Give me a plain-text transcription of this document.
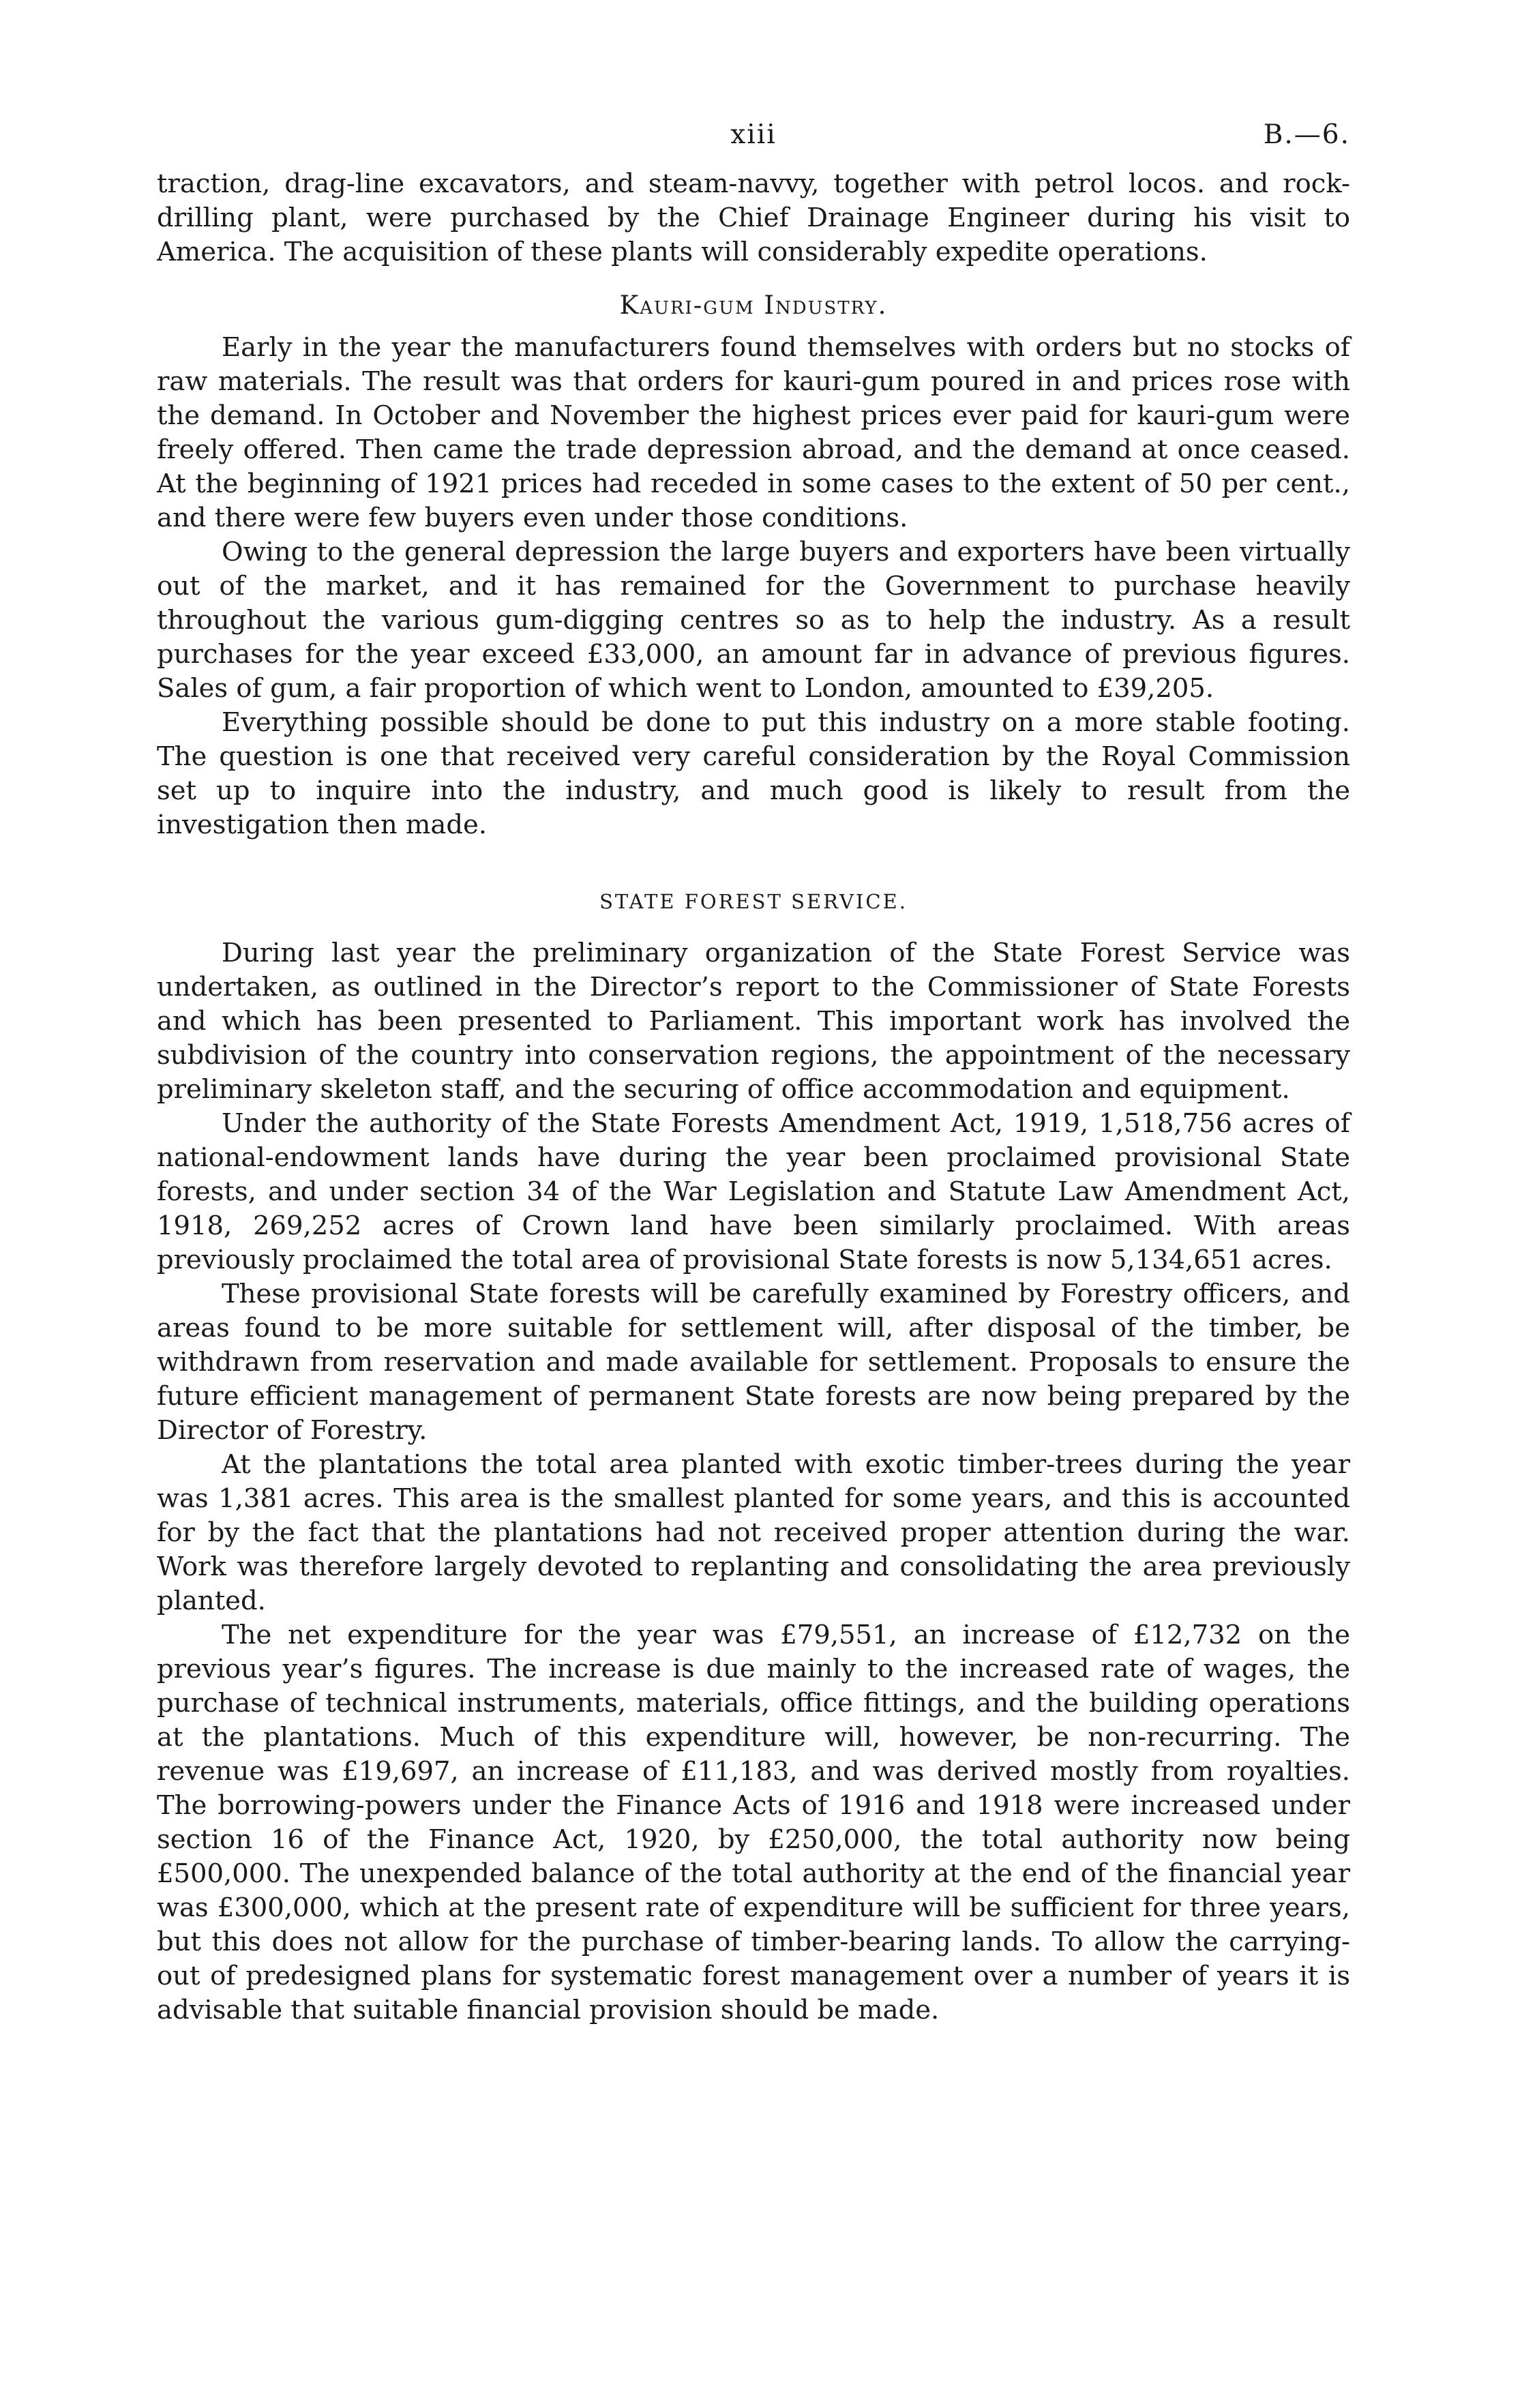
xiii	B.—6.

traction, drag-line excavators, and steam-navvy, together with petrol locos. and rock-drilling plant, were purchased by the Chief Drainage Engineer during his visit to America. The acquisition of these plants will considerably expedite operations.

Kauri-gum Industry.

Early in the year the manufacturers found themselves with orders but no stocks of raw materials. The result was that orders for kauri-gum poured in and prices rose with the demand. In October and November the highest prices ever paid for kauri-gum were freely offered. Then came the trade depression abroad, and the demand at once ceased. At the beginning of 1921 prices had receded in some cases to the extent of 50 per cent., and there were few buyers even under those conditions.

Owing to the general depression the large buyers and exporters have been virtually out of the market, and it has remained for the Government to purchase heavily throughout the various gum-digging centres so as to help the industry. As a result purchases for the year exceed £33,000, an amount far in advance of previous figures. Sales of gum, a fair proportion of which went to London, amounted to £39,205.

Everything possible should be done to put this industry on a more stable footing. The question is one that received very careful consideration by the Royal Commission set up to inquire into the industry, and much good is likely to result from the investigation then made.

STATE FOREST SERVICE.

During last year the preliminary organization of the State Forest Service was undertaken, as outlined in the Director’s report to the Commissioner of State Forests and which has been presented to Parliament. This important work has involved the subdivision of the country into conservation regions, the appointment of the necessary preliminary skeleton staff, and the securing of office accommodation and equipment.

Under the authority of the State Forests Amendment Act, 1919, 1,518,756 acres of national-endowment lands have during the year been proclaimed provisional State forests, and under section 34 of the War Legislation and Statute Law Amendment Act, 1918, 269,252 acres of Crown land have been similarly proclaimed. With areas previously proclaimed the total area of provisional State forests is now 5,134,651 acres.

These provisional State forests will be carefully examined by Forestry officers, and areas found to be more suitable for settlement will, after disposal of the timber, be withdrawn from reservation and made available for settlement. Proposals to ensure the future efficient management of permanent State forests are now being prepared by the Director of Forestry.

At the plantations the total area planted with exotic timber-trees during the year was 1,381 acres. This area is the smallest planted for some years, and this is accounted for by the fact that the plantations had not received proper attention during the war. Work was therefore largely devoted to replanting and consolidating the area previously planted.

The net expenditure for the year was £79,551, an increase of £12,732 on the previous year’s figures. The increase is due mainly to the increased rate of wages, the purchase of technical instruments, materials, office fittings, and the building operations at the plantations. Much of this expenditure will, however, be non-recurring. The revenue was £19,697, an increase of £11,183, and was derived mostly from royalties. The borrowing-powers under the Finance Acts of 1916 and 1918 were increased under section 16 of the Finance Act, 1920, by £250,000, the total authority now being £500,000. The unexpended balance of the total authority at the end of the financial year was £300,000, which at the present rate of expenditure will be sufficient for three years, but this does not allow for the purchase of timber-bearing lands. To allow the carrying-out of predesigned plans for systematic forest management over a number of years it is advisable that suitable financial provision should be made.
